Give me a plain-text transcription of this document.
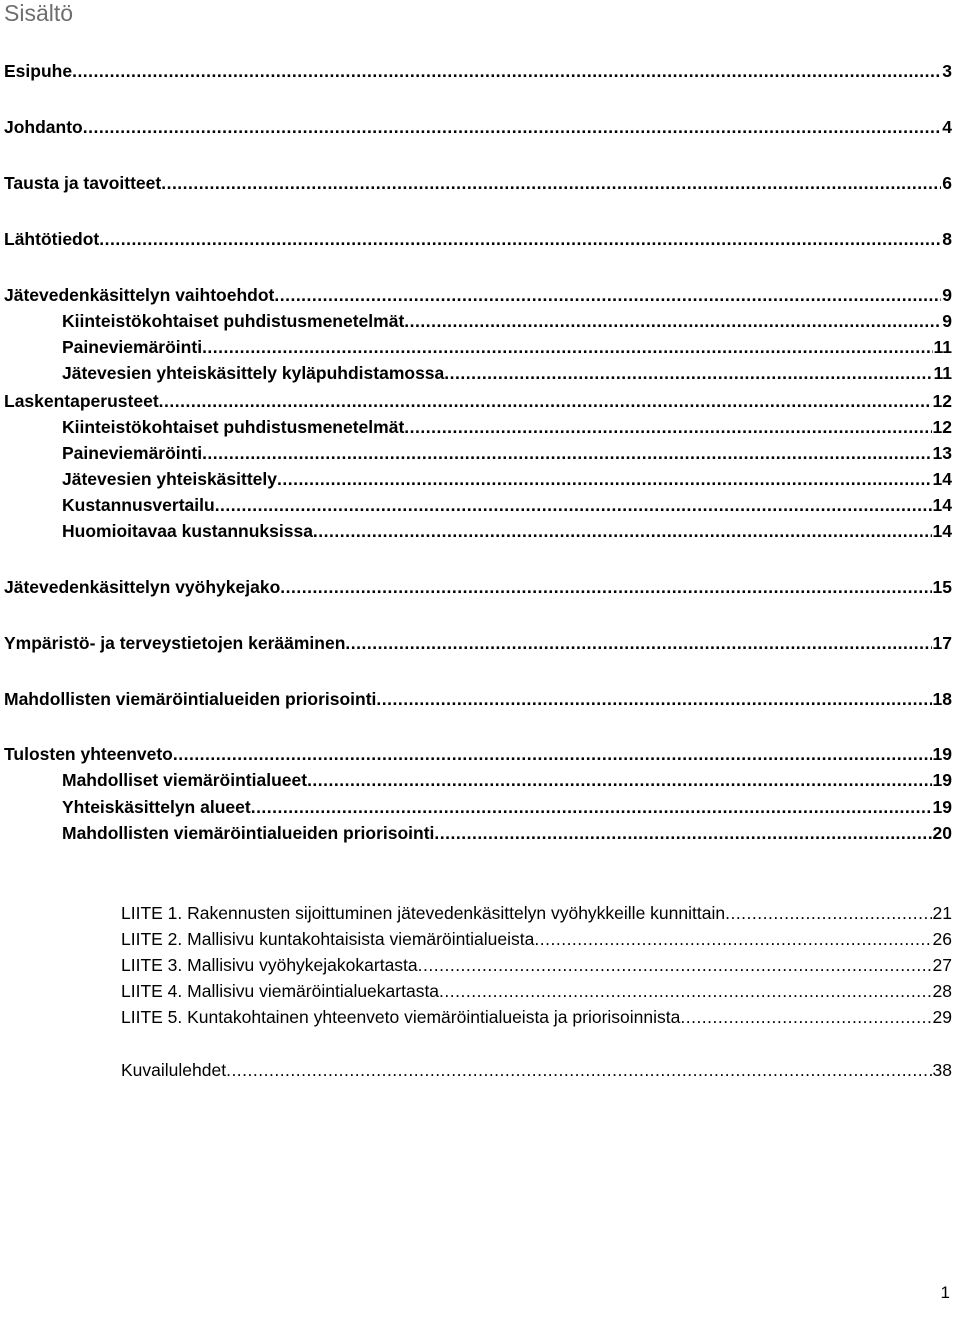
Sisältö
Esipuhe .....	3
Johdanto .....	4
Tausta ja tavoitteet .....	6
Lähtötiedot .....	8
Jätevedenkäsittelyn vaihtoehdot .....	9
Kiinteistökohtaiset puhdistusmenetelmät .....	9
Paineviemäröinti .....	11
Jätevesien yhteiskäsittely kyläpuhdistamossa .....	11
Laskentaperusteet .....	12
Kiinteistökohtaiset puhdistusmenetelmät .....	12
Paineviemäröinti .....	13
Jätevesien yhteiskäsittely .....	14
Kustannusvertailu .....	14
Huomioitavaa kustannuksissa .....	14
Jätevedenkäsittelyn vyöhykejako .....	15
Ympäristö- ja terveystietojen kerääminen .....	17
Mahdollisten viemäröintialueiden priorisointi .....	18
Tulosten yhteenveto .....	19
Mahdolliset viemäröintialueet .....	19
Yhteiskäsittelyn alueet .....	19
Mahdollisten viemäröintialueiden priorisointi .....	20
LIITE 1. Rakennusten sijoittuminen jätevedenkäsittelyn vyöhykkeille kunnittain .....	21
LIITE 2. Mallisivu kuntakohtaisista viemäröintialueista .....	26
LIITE 3. Mallisivu vyöhykejakokartasta .....	27
LIITE 4. Mallisivu viemäröintialuekartasta .....	28
LIITE 5. Kuntakohtainen yhteenveto viemäröintialueista ja priorisoinnista .....	29
Kuvailulehdet .....	38
1
